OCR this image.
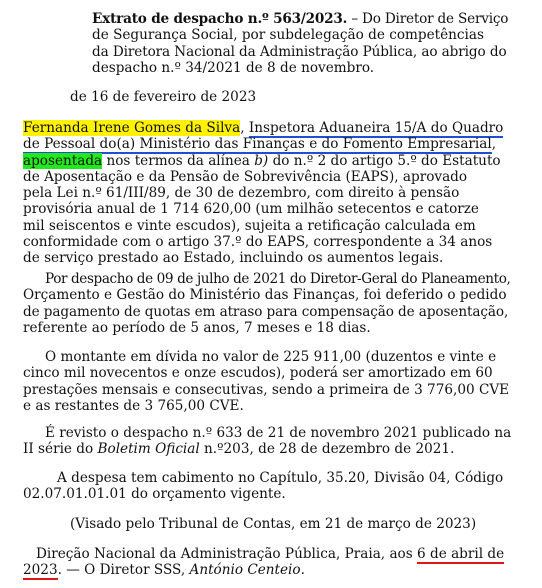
Extrato de despacho n.º 563/2023. – Do Diretor de Serviço
de Segurança Social, por subdelegação de competências
da Diretora Nacional da Administração Pública, ao abrigo do
despacho n.º 34/2021 de 8 de novembro.
de 16 de fevereiro de 2023
Fernanda Irene Gomes da Silva, Inspetora Aduaneira 15/A do Quadro
de Pessoal do(a) Ministério das Finanças e do Fomento Empresarial,
aposentada nos termos da alínea b) do n.º 2 do artigo 5.º do Estatuto
de Aposentação e da Pensão de Sobrevivência (EAPS), aprovado
pela Lei n.º 61/III/89, de 30 de dezembro, com direito à pensão
provisória anual de 1 714 620,00 (um milhão setecentos e catorze
mil seiscentos e vinte escudos), sujeita a retificação calculada em
conformidade com o artigo 37.º do EAPS, correspondente a 34 anos
de serviço prestado ao Estado, incluindo os aumentos legais.
Por despacho de 09 de julho de 2021 do Diretor-Geral do Planeamento,
Orçamento e Gestão do Ministério das Finanças, foi deferido o pedido
de pagamento de quotas em atraso para compensação de aposentação,
referente ao período de 5 anos, 7 meses e 18 dias.
O montante em dívida no valor de 225 911,00 (duzentos e vinte e
cinco mil novecentos e onze escudos), poderá ser amortizado em 60
prestações mensais e consecutivas, sendo a primeira de 3 776,00 CVE
e as restantes de 3 765,00 CVE.
É revisto o despacho n.º 633 de 21 de novembro 2021 publicado na
II série do Boletim Oficial n.º203, de 28 de dezembro de 2021.
A despesa tem cabimento no Capítulo, 35.20, Divisão 04, Código
02.07.01.01.01 do orçamento vigente.
(Visado pelo Tribunal de Contas, em 21 de março de 2023)
Direção Nacional da Administração Pública, Praia, aos 6 de abril de
2023. — O Diretor SSS, António Centeio.
